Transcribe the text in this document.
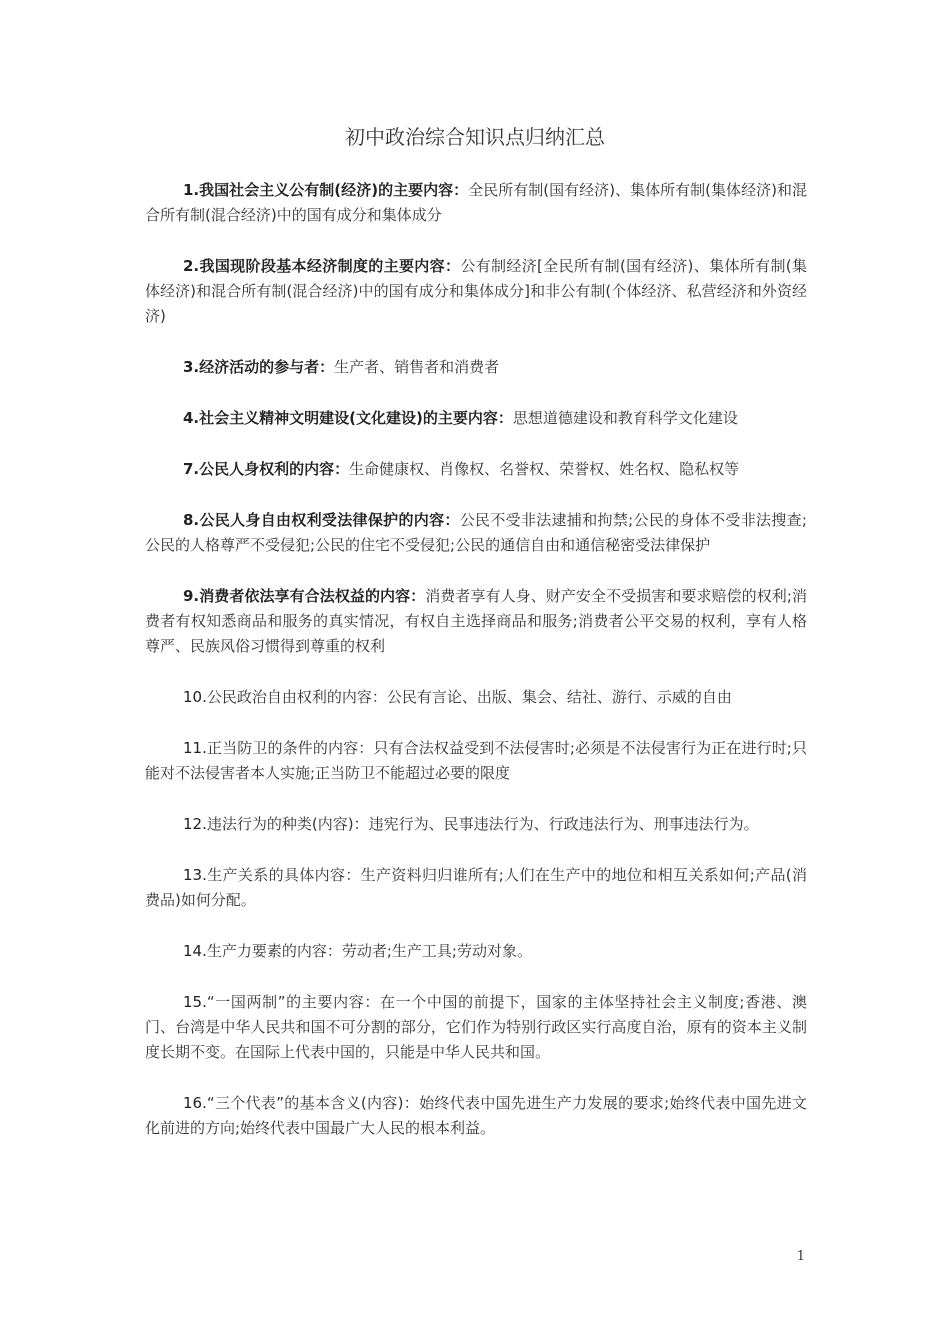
初中政治综合知识点归纳汇总

1.我国社会主义公有制(经济)的主要内容：全民所有制(国有经济)、集体所有制(集体经济)和混合所有制(混合经济)中的国有成分和集体成分

2.我国现阶段基本经济制度的主要内容：公有制经济[全民所有制(国有经济)、集体所有制(集体经济)和混合所有制(混合经济)中的国有成分和集体成分]和非公有制(个体经济、私营经济和外资经济)

3.经济活动的参与者：生产者、销售者和消费者

4.社会主义精神文明建设(文化建设)的主要内容：思想道德建设和教育科学文化建设

7.公民人身权利的内容：生命健康权、肖像权、名誉权、荣誉权、姓名权、隐私权等

8.公民人身自由权利受法律保护的内容：公民不受非法逮捕和拘禁;公民的身体不受非法搜查;公民的人格尊严不受侵犯;公民的住宅不受侵犯;公民的通信自由和通信秘密受法律保护

9.消费者依法享有合法权益的内容：消费者享有人身、财产安全不受损害和要求赔偿的权利;消费者有权知悉商品和服务的真实情况，有权自主选择商品和服务;消费者公平交易的权利，享有人格尊严、民族风俗习惯得到尊重的权利

10.公民政治自由权利的内容：公民有言论、出版、集会、结社、游行、示威的自由

11.正当防卫的条件的内容：只有合法权益受到不法侵害时;必须是不法侵害行为正在进行时;只能对不法侵害者本人实施;正当防卫不能超过必要的限度

12.违法行为的种类(内容)：违宪行为、民事违法行为、行政违法行为、刑事违法行为。

13.生产关系的具体内容：生产资料归归谁所有;人们在生产中的地位和相互关系如何;产品(消费品)如何分配。

14.生产力要素的内容：劳动者;生产工具;劳动对象。

15.“一国两制”的主要内容：在一个中国的前提下，国家的主体坚持社会主义制度;香港、澳门、台湾是中华人民共和国不可分割的部分，它们作为特别行政区实行高度自治，原有的资本主义制度长期不变。在国际上代表中国的，只能是中华人民共和国。

16.“三个代表”的基本含义(内容)：始终代表中国先进生产力发展的要求;始终代表中国先进文化前进的方向;始终代表中国最广大人民的根本利益。

1
